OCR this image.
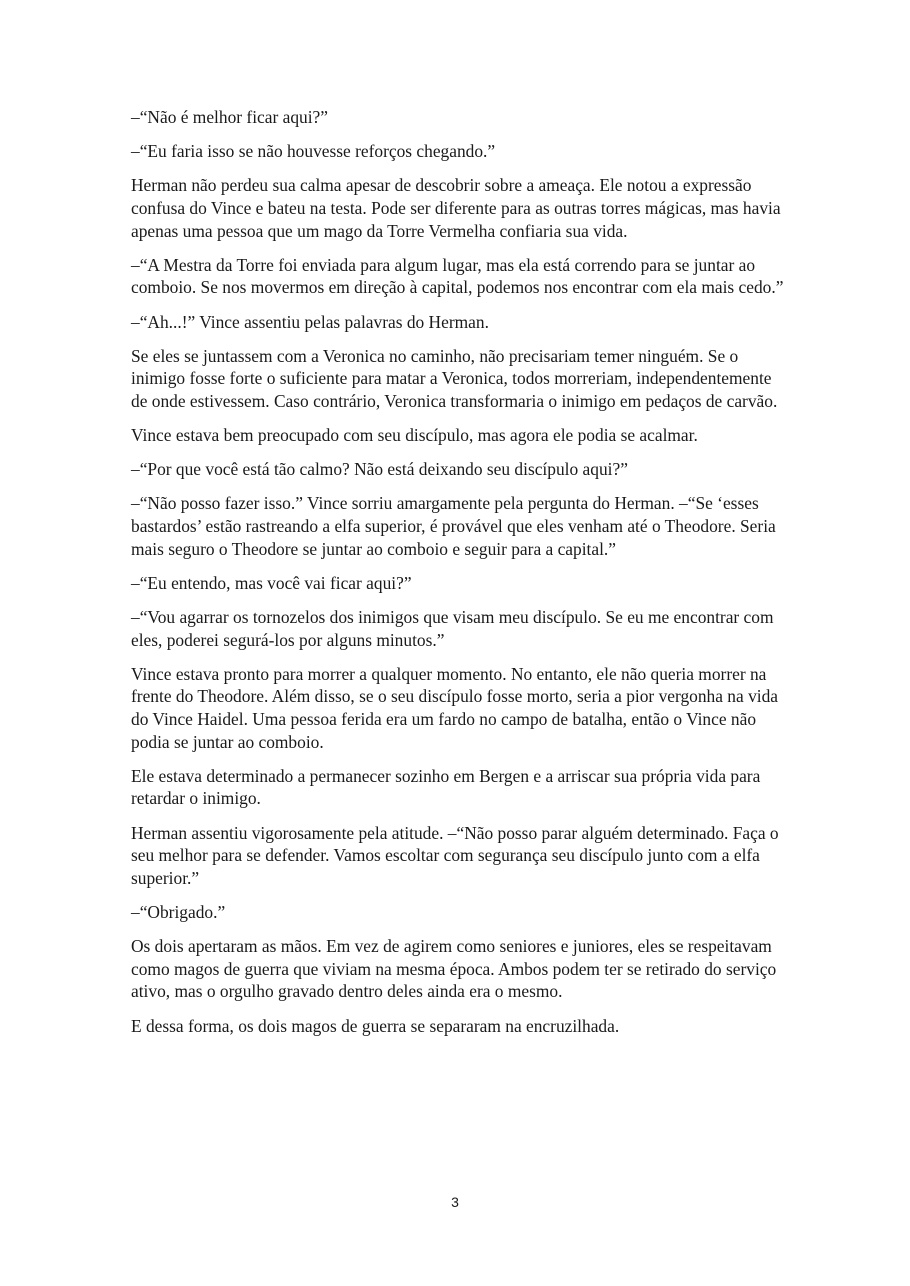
–“Não é melhor ficar aqui?”

–“Eu faria isso se não houvesse reforços chegando.”

Herman não perdeu sua calma apesar de descobrir sobre a ameaça. Ele notou a expressão confusa do Vince e bateu na testa. Pode ser diferente para as outras torres mágicas, mas havia apenas uma pessoa que um mago da Torre Vermelha confiaria sua vida.

–“A Mestra da Torre foi enviada para algum lugar, mas ela está correndo para se juntar ao comboio. Se nos movermos em direção à capital, podemos nos encontrar com ela mais cedo.”

–“Ah...!” Vince assentiu pelas palavras do Herman.

Se eles se juntassem com a Veronica no caminho, não precisariam temer ninguém. Se o inimigo fosse forte o suficiente para matar a Veronica, todos morreriam, independentemente de onde estivessem. Caso contrário, Veronica transformaria o inimigo em pedaços de carvão.

Vince estava bem preocupado com seu discípulo, mas agora ele podia se acalmar.

–“Por que você está tão calmo? Não está deixando seu discípulo aqui?”

–“Não posso fazer isso.” Vince sorriu amargamente pela pergunta do Herman. –“Se ‘esses bastardos’ estão rastreando a elfa superior, é provável que eles venham até o Theodore. Seria mais seguro o Theodore se juntar ao comboio e seguir para a capital.”

–“Eu entendo, mas você vai ficar aqui?”

–“Vou agarrar os tornozelos dos inimigos que visam meu discípulo. Se eu me encontrar com eles, poderei segurá-los por alguns minutos.”

Vince estava pronto para morrer a qualquer momento. No entanto, ele não queria morrer na frente do Theodore. Além disso, se o seu discípulo fosse morto, seria a pior vergonha na vida do Vince Haidel. Uma pessoa ferida era um fardo no campo de batalha, então o Vince não podia se juntar ao comboio.

Ele estava determinado a permanecer sozinho em Bergen e a arriscar sua própria vida para retardar o inimigo.

Herman assentiu vigorosamente pela atitude. –“Não posso parar alguém determinado. Faça o seu melhor para se defender. Vamos escoltar com segurança seu discípulo junto com a elfa superior.”

–“Obrigado.”

Os dois apertaram as mãos. Em vez de agirem como seniores e juniores, eles se respeitavam como magos de guerra que viviam na mesma época. Ambos podem ter se retirado do serviço ativo, mas o orgulho gravado dentro deles ainda era o mesmo.

E dessa forma, os dois magos de guerra se separaram na encruzilhada.

3
